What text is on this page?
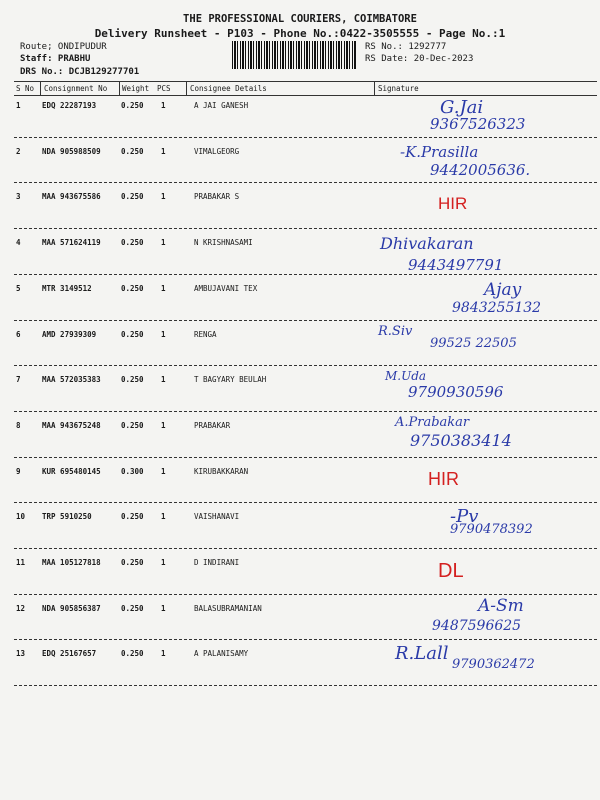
THE PROFESSIONAL COURIERS, COIMBATORE
Delivery Runsheet - P103 - Phone No.:0422-3505555 - Page No.:1
Route; ONDIPUDUR
Staff: PRABHU
DRS No.: DCJB129277701
RS No.: 1292777
RS Date: 20-Dec-2023
S No Consignment No Weight PCS	Consignee Details	Signature
1	EDQ 22287193	0.250 1	A JAI GANESH	G.Jai
9367526323
2	NDA 905988509	0.250 1	VIMALGEORG	-K.Prasilla
9442005636.
3	MAA 943675586	0.250 1	PRABAKAR S	HIR
4	MAA 571624119	0.250 1	N KRISHNASAMI	Dhivakaran
9443497791
5	MTR 3149512	0.250 1	AMBUJAVANI TEX	Ajay
9843255132
6	AMD 27939309	0.250 1	RENGA	R.Siv
99525 22505
7	MAA 572035383	0.250 1	T BAGYARY BEULAH	M.Uda
9790930596
8	MAA 943675248	0.250 1	PRABAKAR	A.Prabakar
9750383414
9	KUR 695480145	0.300 1	KIRUBAKKARAN	HIR
10 TRP 5910250	0.250 1	VAISHANAVI	-Pv
9790478392
11 MAA 105127818	0.250 1	D INDIRANI	DL
12 NDA 905856387	0.250 1	BALASUBRAMANIAN	A-Sm
9487596625
13 EDQ 25167657	0.250 1	A PALANISAMY	R.Lall
9790362472
